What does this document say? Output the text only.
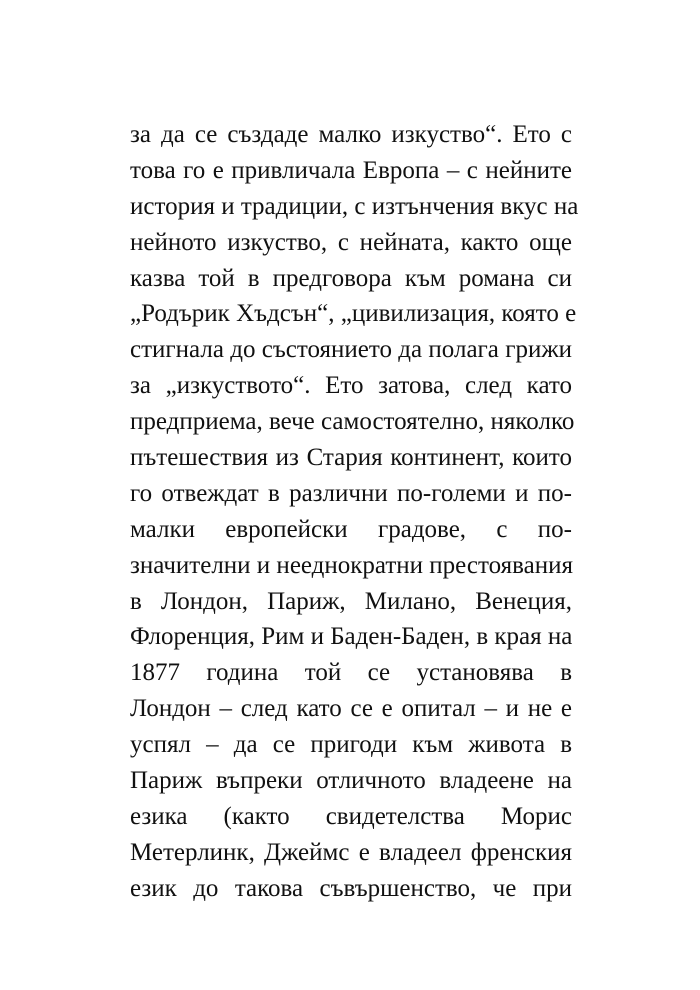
за да се създаде малко изкуство“. Ето с
това го е привличала Европа – с нейните
история и традиции, с изтънчения вкус на
нейното изкуство, с нейната, както още
казва той в предговора към романа си
„Родърик Хъдсън“, „цивилизация, която е
стигнала до състоянието да полага грижи
за „изкуството“. Ето затова, след като
предприема, вече самостоятелно, няколко
пътешествия из Стария континент, които
го отвеждат в различни по-големи и по-
малки европейски градове, с по-
значителни и нееднократни престоявания
в Лондон, Париж, Милано, Венеция,
Флоренция, Рим и Баден-Баден, в края на
1877 година той се установява в
Лондон – след като се е опитал – и не е
успял – да се пригоди към живота в
Париж въпреки отличното владеене на
езика (както свидетелства Морис
Метерлинк, Джеймс е владеел френския
език до такова съвършенство, че при
